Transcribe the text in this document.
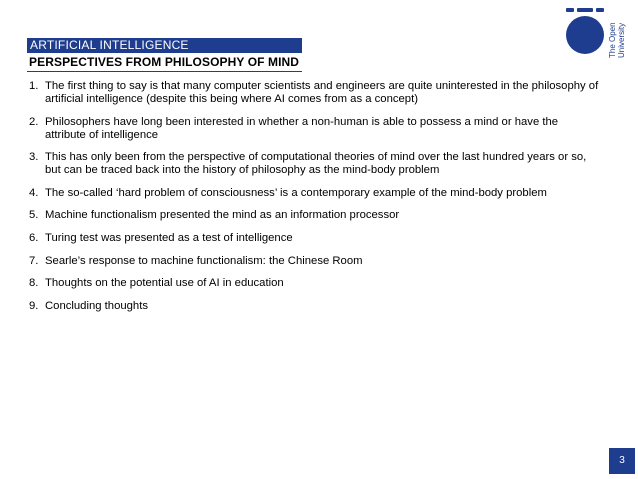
ARTIFICIAL INTELLIGENCE
PERSPECTIVES FROM PHILOSOPHY OF MIND
The Open University
1. The first thing to say is that many computer scientists and engineers are quite uninterested in the philosophy of artificial intelligence (despite this being where AI comes from as a concept)
2. Philosophers have long been interested in whether a non-human is able to possess a mind or have the attribute of intelligence
3. This has only been from the perspective of computational theories of mind over the last hundred years or so, but can be traced back into the history of philosophy as the mind-body problem
4. The so-called ‘hard problem of consciousness’ is a contemporary example of the mind-body problem
5. Machine functionalism presented the mind as an information processor
6. Turing test was presented as a test of intelligence
7. Searle’s response to machine functionalism: the Chinese Room
8. Thoughts on the potential use of AI in education
9. Concluding thoughts
3
